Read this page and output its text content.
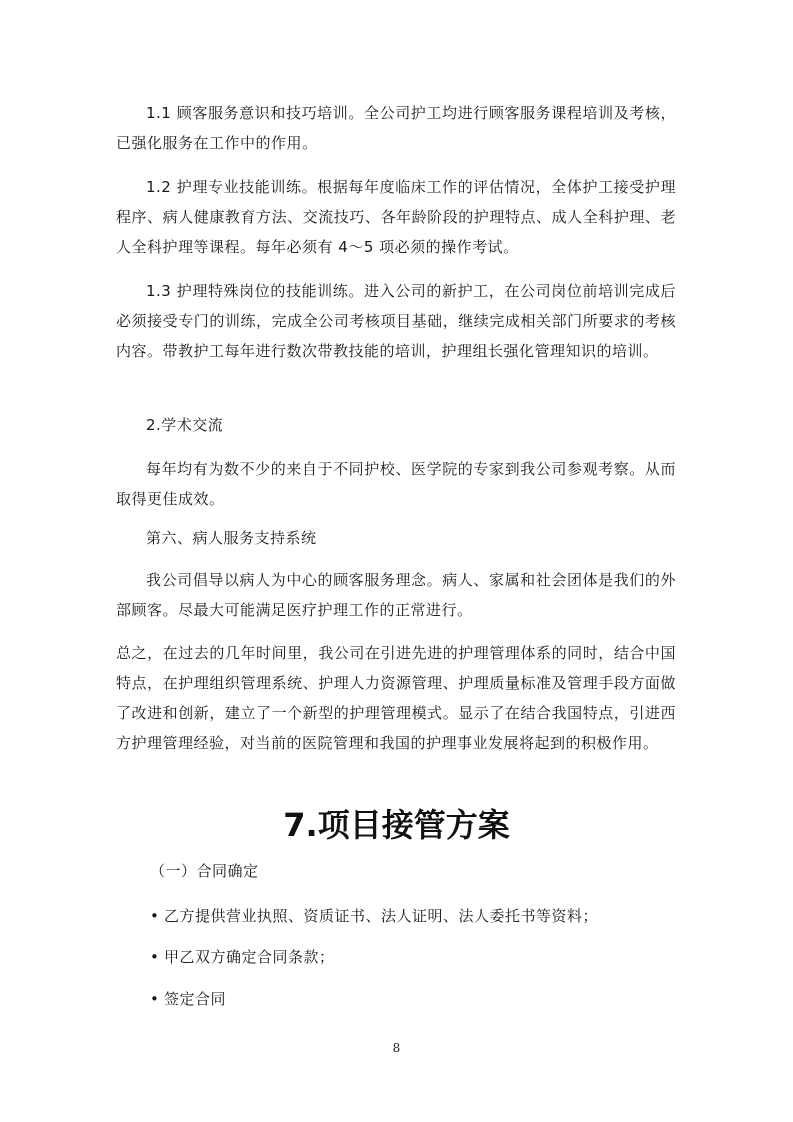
1.1 顾客服务意识和技巧培训。全公司护工均进行顾客服务课程培训及考核，已强化服务在工作中的作用。

1.2 护理专业技能训练。根据每年度临床工作的评估情况，全体护工接受护理程序、病人健康教育方法、交流技巧、各年龄阶段的护理特点、成人全科护理、老人全科护理等课程。每年必须有 4～5 项必须的操作考试。

1.3 护理特殊岗位的技能训练。进入公司的新护工，在公司岗位前培训完成后必须接受专门的训练，完成全公司考核项目基础，继续完成相关部门所要求的考核内容。带教护工每年进行数次带教技能的培训，护理组长强化管理知识的培训。

2.学术交流

每年均有为数不少的来自于不同护校、医学院的专家到我公司参观考察。从而取得更佳成效。

第六、病人服务支持系统

我公司倡导以病人为中心的顾客服务理念。病人、家属和社会团体是我们的外部顾客。尽最大可能满足医疗护理工作的正常进行。

总之，在过去的几年时间里，我公司在引进先进的护理管理体系的同时，结合中国特点，在护理组织管理系统、护理人力资源管理、护理质量标准及管理手段方面做了改进和创新，建立了一个新型的护理管理模式。显示了在结合我国特点，引进西方护理管理经验，对当前的医院管理和我国的护理事业发展将起到的积极作用。

7.项目接管方案

（一）合同确定

• 乙方提供营业执照、资质证书、法人证明、法人委托书等资料；

• 甲乙双方确定合同条款；

• 签定合同

8
